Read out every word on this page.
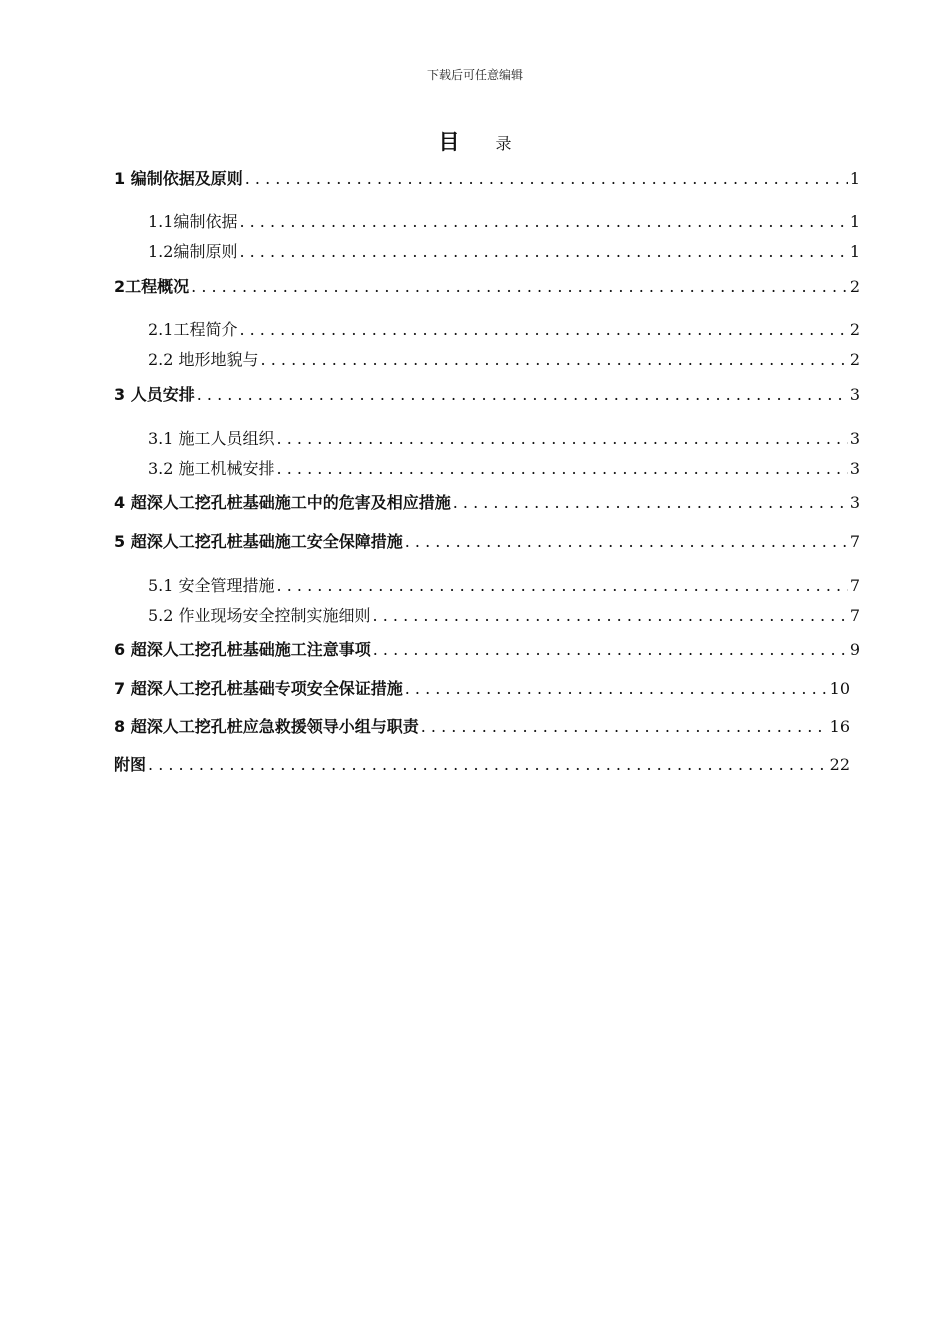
下载后可任意编辑
目 录
1 编制依据及原则 . . .	1
1.1编制依据 . . .	1
1.2编制原则 . . .	1
2工程概况 . . .	2
2.1工程简介 . . .	2
2.2 地形地貌与 . . .	2
3 人员安排 . . .	3
3.1 施工人员组织 . . .	3
3.2 施工机械安排 . . .	3
4 超深人工挖孔桩基础施工中的危害及相应措施 . . .	3
5 超深人工挖孔桩基础施工安全保障措施 . . .	7
5.1 安全管理措施 . . .	7
5.2 作业现场安全控制实施细则 . . .	7
6 超深人工挖孔桩基础施工注意事项 . . .	9
7 超深人工挖孔桩基础专项安全保证措施 . . .	10
8 超深人工挖孔桩应急救援领导小组与职责 . . .	16
附图 . . .	22
